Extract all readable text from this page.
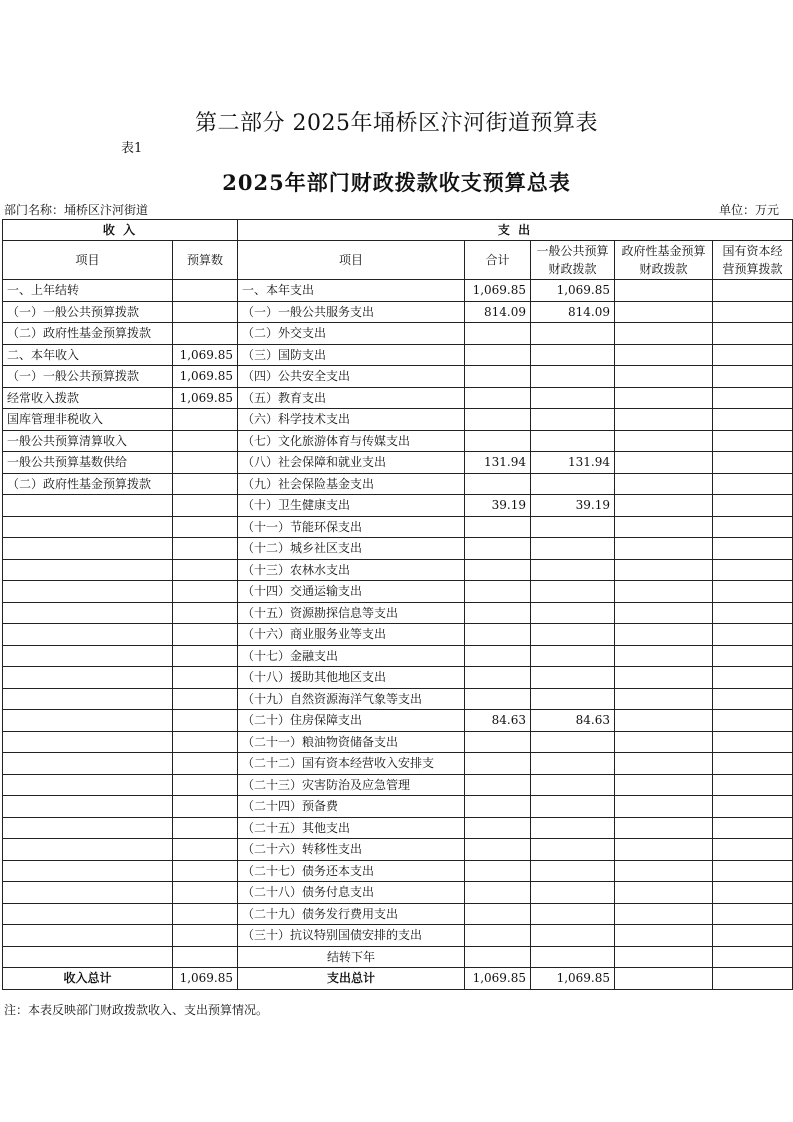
第二部分 2025年埇桥区汴河街道预算表
表1
2025年部门财政拨款收支预算总表
部门名称：埇桥区汴河街道	单位：万元
收 入		支 出				
项目	预算数	项目	合计	一般公共预算财政拨款	政府性基金预算财政拨款	国有资本经营预算拨款
一、上年结转		一、本年支出	1,069.85	1,069.85		
（一）一般公共预算拨款		（一）一般公共服务支出	814.09	814.09		
（二）政府性基金预算拨款		（二）外交支出				
二、本年收入	1,069.85	（三）国防支出				
（一）一般公共预算拨款	1,069.85	（四）公共安全支出				
经常收入拨款	1,069.85	（五）教育支出				
国库管理非税收入		（六）科学技术支出				
一般公共预算清算收入		（七）文化旅游体育与传媒支出				
一般公共预算基数供给		（八）社会保障和就业支出	131.94	131.94		
（二）政府性基金预算拨款		（九）社会保险基金支出				
		（十）卫生健康支出	39.19	39.19		
		（十一）节能环保支出				
		（十二）城乡社区支出				
		（十三）农林水支出				
		（十四）交通运输支出				
		（十五）资源勘探信息等支出				
		（十六）商业服务业等支出				
		（十七）金融支出				
		（十八）援助其他地区支出				
		（十九）自然资源海洋气象等支出				
		（二十）住房保障支出	84.63	84.63		
		（二十一）粮油物资储备支出				
		（二十二）国有资本经营收入安排支				
		（二十三）灾害防治及应急管理				
		（二十四）预备费				
		（二十五）其他支出				
		（二十六）转移性支出				
		（二十七）债务还本支出				
		（二十八）债务付息支出				
		（二十九）债务发行费用支出				
		（三十）抗议特别国债安排的支出				
		结转下年				
收入总计	1,069.85	支出总计	1,069.85	1,069.85		
注：本表反映部门财政拨款收入、支出预算情况。
